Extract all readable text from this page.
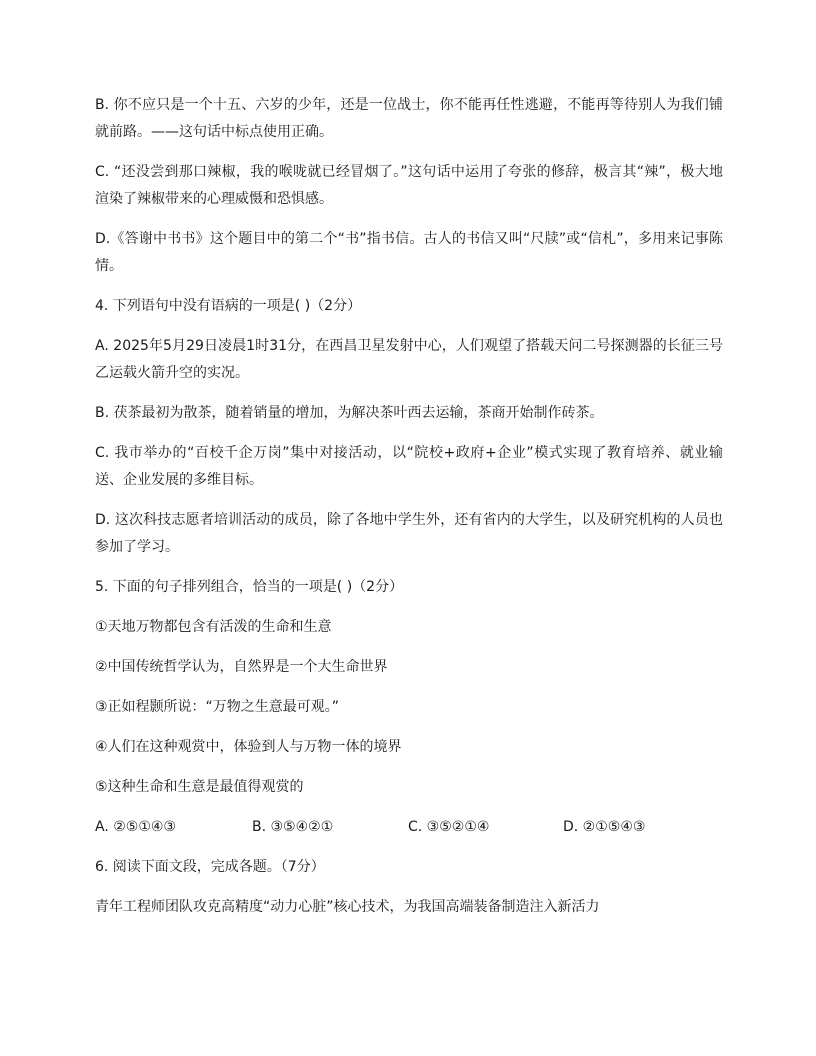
B. 你不应只是一个十五、六岁的少年，还是一位战士，你不能再任性逃避，不能再等待别人为我们铺就前路。——这句话中标点使用正确。

C. “还没尝到那口辣椒，我的喉咙就已经冒烟了。”这句话中运用了夸张的修辞，极言其“辣”，极大地渲染了辣椒带来的心理威慑和恐惧感。

D.《答谢中书书》这个题目中的第二个“书”指书信。古人的书信又叫“尺牍”或“信札”，多用来记事陈情。

4. 下列语句中没有语病的一项是( )（2分）

A. 2025年5月29日凌晨1时31分，在西昌卫星发射中心，人们观望了搭载天问二号探测器的长征三号乙运载火箭升空的实况。

B. 茯茶最初为散茶，随着销量的增加，为解决茶叶西去运输，茶商开始制作砖茶。

C. 我市举办的“百校千企万岗”集中对接活动，以“院校+政府+企业”模式实现了教育培养、就业输送、企业发展的多维目标。

D. 这次科技志愿者培训活动的成员，除了各地中学生外，还有省内的大学生，以及研究机构的人员也参加了学习。

5. 下面的句子排列组合，恰当的一项是( )（2分）

①天地万物都包含有活泼的生命和生意

②中国传统哲学认为，自然界是一个大生命世界

③正如程颢所说：“万物之生意最可观。”

④人们在这种观赏中，体验到人与万物一体的境界

⑤这种生命和生意是最值得观赏的

A. ②⑤①④③	B. ③⑤④②①	C. ③⑤②①④	D. ②①⑤④③

6. 阅读下面文段，完成各题。（7分）

青年工程师团队攻克高精度“动力心脏”核心技术，为我国高端装备制造注入新活力
